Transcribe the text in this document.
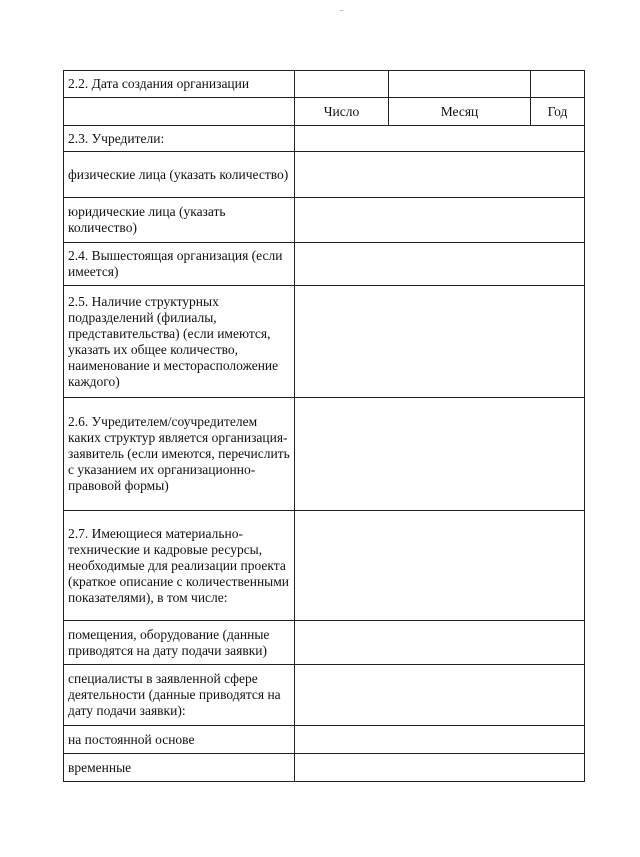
2.2. Дата создания организации			
	Число	Месяц	Год
2.3. Учредители:			
физические лица (указать количество)			
юридические лица (указать количество)			
2.4. Вышестоящая организация (если имеется)			
2.5. Наличие структурных подразделений (филиалы, представительства) (если имеются, указать их общее количество, наименование и месторасположение каждого)			
2.6. Учредителем/соучредителем каких структур является организация-заявитель (если имеются, перечислить с указанием их организационно-правовой формы)			
2.7. Имеющиеся материально-технические и кадровые ресурсы, необходимые для реализации проекта (краткое описание с количественными показателями), в том числе:			
помещения, оборудование (данные приводятся на дату подачи заявки)			
специалисты в заявленной сфере деятельности (данные приводятся на дату подачи заявки):			
на постоянной основе			
временные			
